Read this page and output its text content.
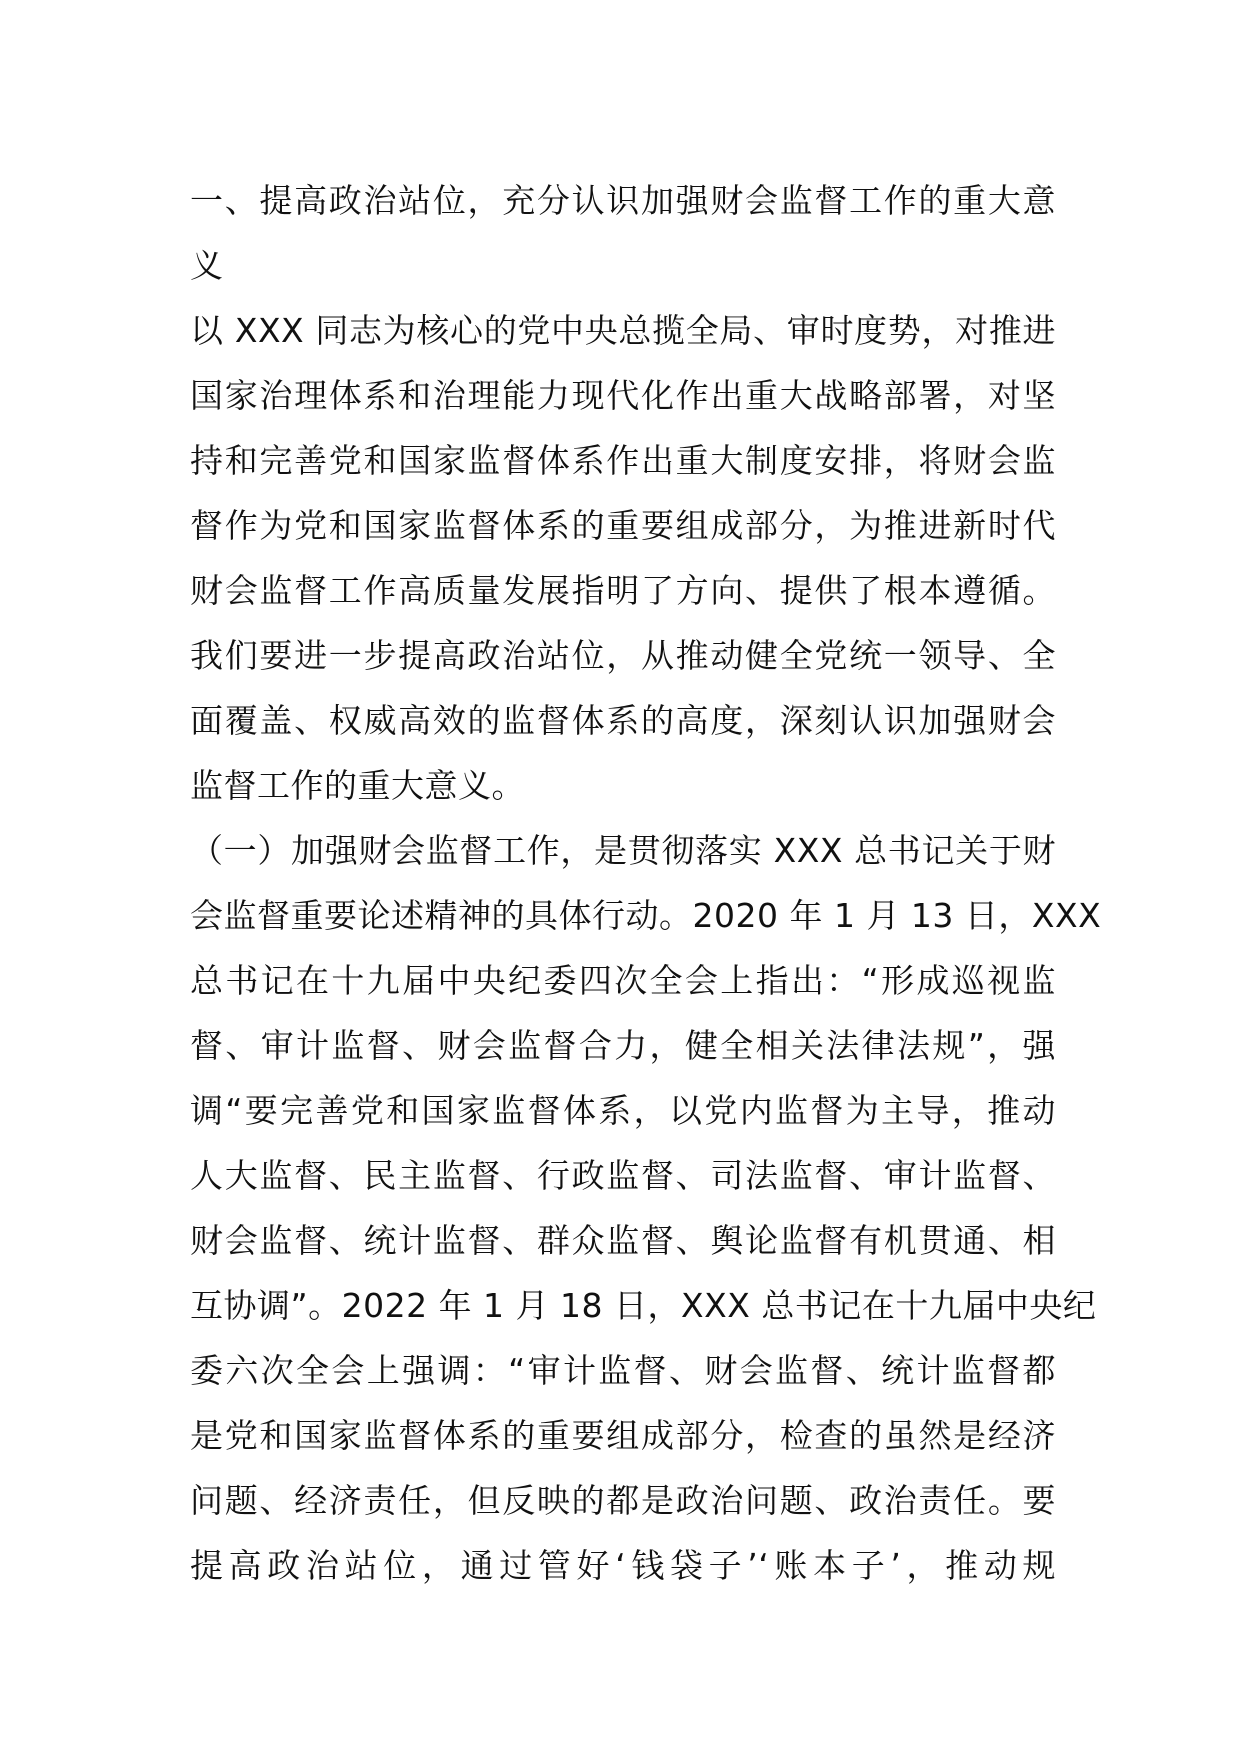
一、提高政治站位，充分认识加强财会监督工作的重大意
义
以 XXX 同志为核心的党中央总揽全局、审时度势，对推进
国家治理体系和治理能力现代化作出重大战略部署，对坚
持和完善党和国家监督体系作出重大制度安排，将财会监
督作为党和国家监督体系的重要组成部分，为推进新时代
财会监督工作高质量发展指明了方向、提供了根本遵循。
我们要进一步提高政治站位，从推动健全党统一领导、全
面覆盖、权威高效的监督体系的高度，深刻认识加强财会
监督工作的重大意义。
（一）加强财会监督工作，是贯彻落实 XXX 总书记关于财
会监督重要论述精神的具体行动。2020 年 1 月 13 日，XXX
总书记在十九届中央纪委四次全会上指出：“形成巡视监
督、审计监督、财会监督合力，健全相关法律法规”，强
调“要完善党和国家监督体系，以党内监督为主导，推动
人大监督、民主监督、行政监督、司法监督、审计监督、
财会监督、统计监督、群众监督、舆论监督有机贯通、相
互协调”。2022 年 1 月 18 日，XXX 总书记在十九届中央纪
委六次全会上强调：“审计监督、财会监督、统计监督都
是党和国家监督体系的重要组成部分，检查的虽然是经济
问题、经济责任，但反映的都是政治问题、政治责任。要
提高政治站位，通过管好‘钱袋子’‘账本子’，推动规
